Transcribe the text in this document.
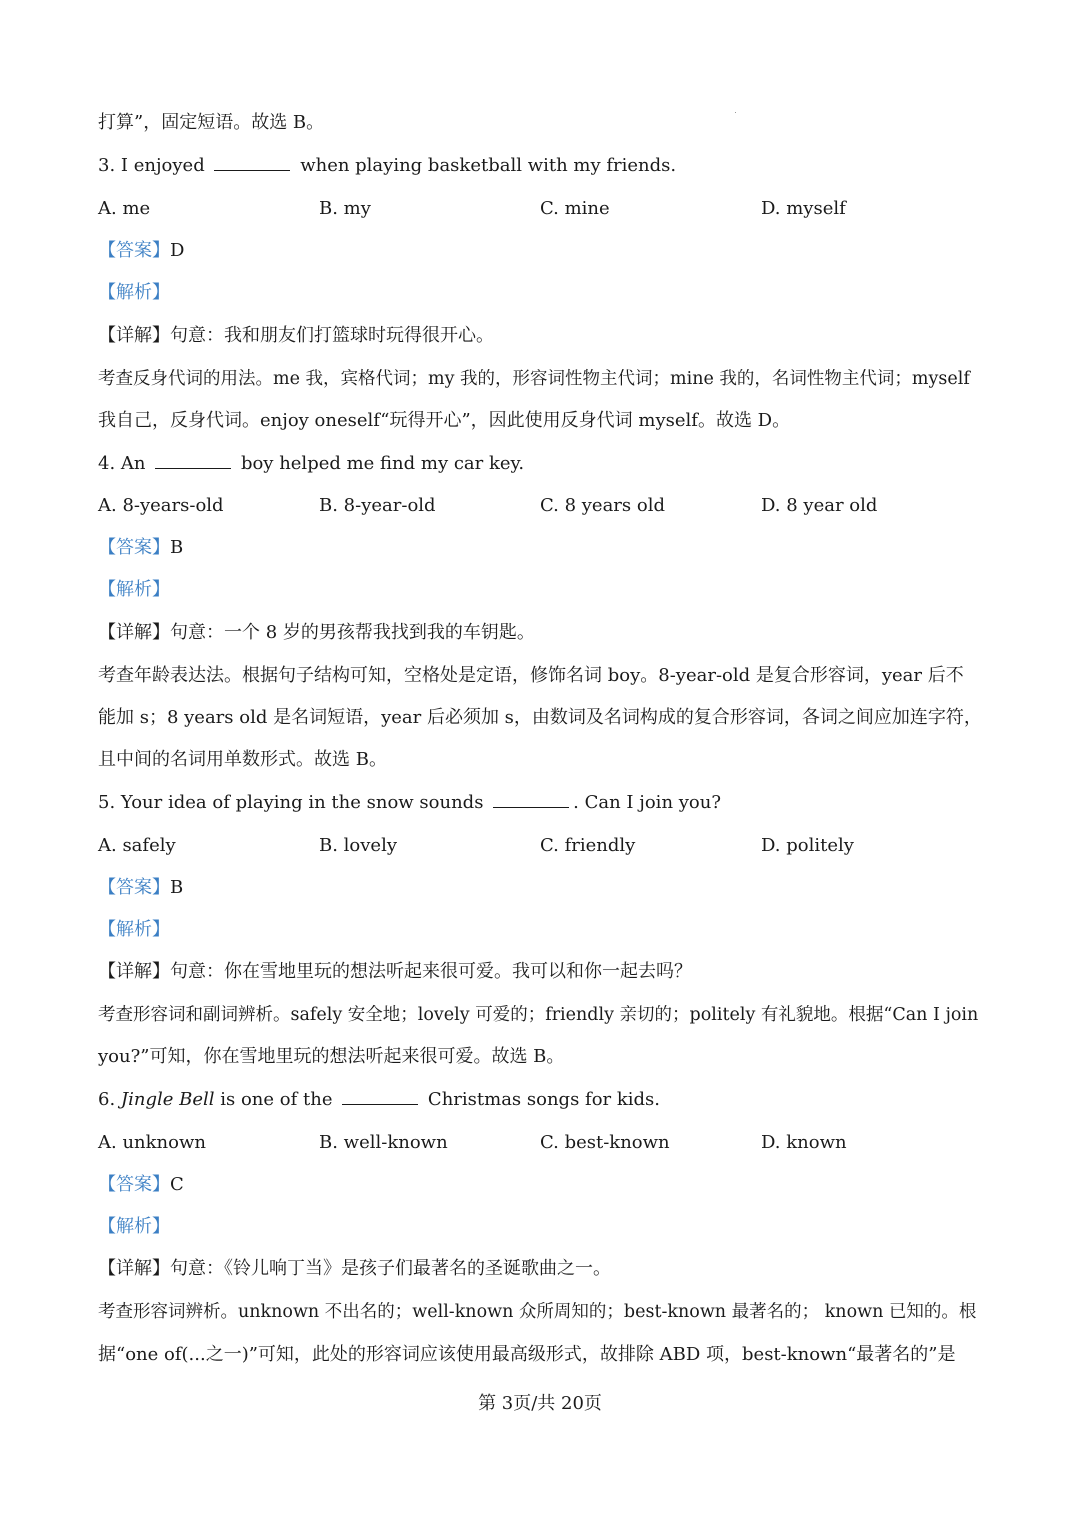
打算”，固定短语。故选 B。
3. I enjoyed	when playing basketball with my friends.
A. me	B. my	C. mine	D. myself
【答案】D
【解析】
【详解】句意：我和朋友们打篮球时玩得很开心。
考查反身代词的用法。me 我，宾格代词；my 我的，形容词性物主代词；mine 我的，名词性物主代词；myself
我自己，反身代词。enjoy oneself“玩得开心”，因此使用反身代词 myself。故选 D。
4. An	boy helped me find my car key.
A. 8-years-old	B. 8-year-old	C. 8 years old	D. 8 year old
【答案】B
【解析】
【详解】句意：一个 8 岁的男孩帮我找到我的车钥匙。
考查年龄表达法。根据句子结构可知，空格处是定语，修饰名词 boy。8-year-old 是复合形容词，year 后不
能加 s；8 years old 是名词短语，year 后必须加 s，由数词及名词构成的复合形容词，各词之间应加连字符，
且中间的名词用单数形式。故选 B。
5. Your idea of playing in the snow sounds	. Can I join you?
A. safely	B. lovely	C. friendly	D. politely
【答案】B
【解析】
【详解】句意：你在雪地里玩的想法听起来很可爱。我可以和你一起去吗？
考查形容词和副词辨析。safely 安全地；lovely 可爱的；friendly 亲切的；politely 有礼貌地。根据“Can I join
you?”可知，你在雪地里玩的想法听起来很可爱。故选 B。
6. Jingle Bell is one of the	Christmas songs for kids.
A. unknown	B. well-known	C. best-known	D. known
【答案】C
【解析】
【详解】句意：《铃儿响丁当》是孩子们最著名的圣诞歌曲之一。
考查形容词辨析。unknown 不出名的；well-known 众所周知的；best-known 最著名的； known 已知的。根
据“one of(...之一)”可知，此处的形容词应该使用最高级形式，故排除 ABD 项，best-known“最著名的”是
第 3页/共 20页
